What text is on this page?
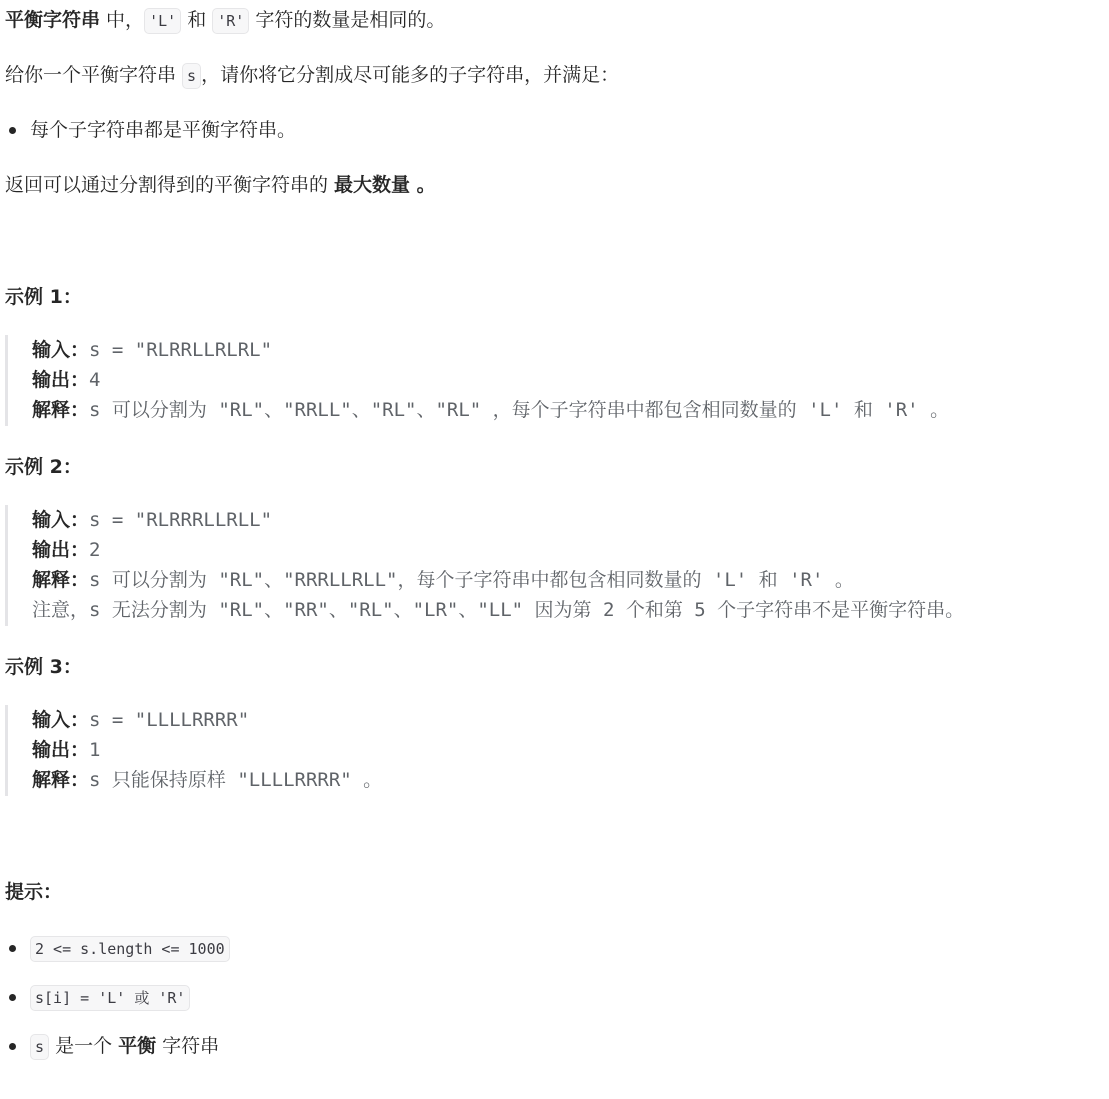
平衡字符串 中， 'L' 和 'R' 字符的数量是相同的。
给你一个平衡字符串 s ，请你将它分割成尽可能多的子字符串，并满足：
每个子字符串都是平衡字符串。
返回可以通过分割得到的平衡字符串的 最大数量 。
示例 1：
输入：s = "RLRRLLRLRL"
输出：4
解释：s 可以分割为 "RL"、"RRLL"、"RL"、"RL" ，每个子字符串中都包含相同数量的 'L' 和 'R' 。
示例 2：
输入：s = "RLRRRLLRLL"
输出：2
解释：s 可以分割为 "RL"、"RRRLLRLL"，每个子字符串中都包含相同数量的 'L' 和 'R' 。
注意，s 无法分割为 "RL"、"RR"、"RL"、"LR"、"LL" 因为第 2 个和第 5 个子字符串不是平衡字符串。
示例 3：
输入：s = "LLLLRRRR"
输出：1
解释：s 只能保持原样 "LLLLRRRR" 。
提示：
2 <= s.length <= 1000
s[i] = 'L' 或 'R'
s 是一个 平衡 字符串
